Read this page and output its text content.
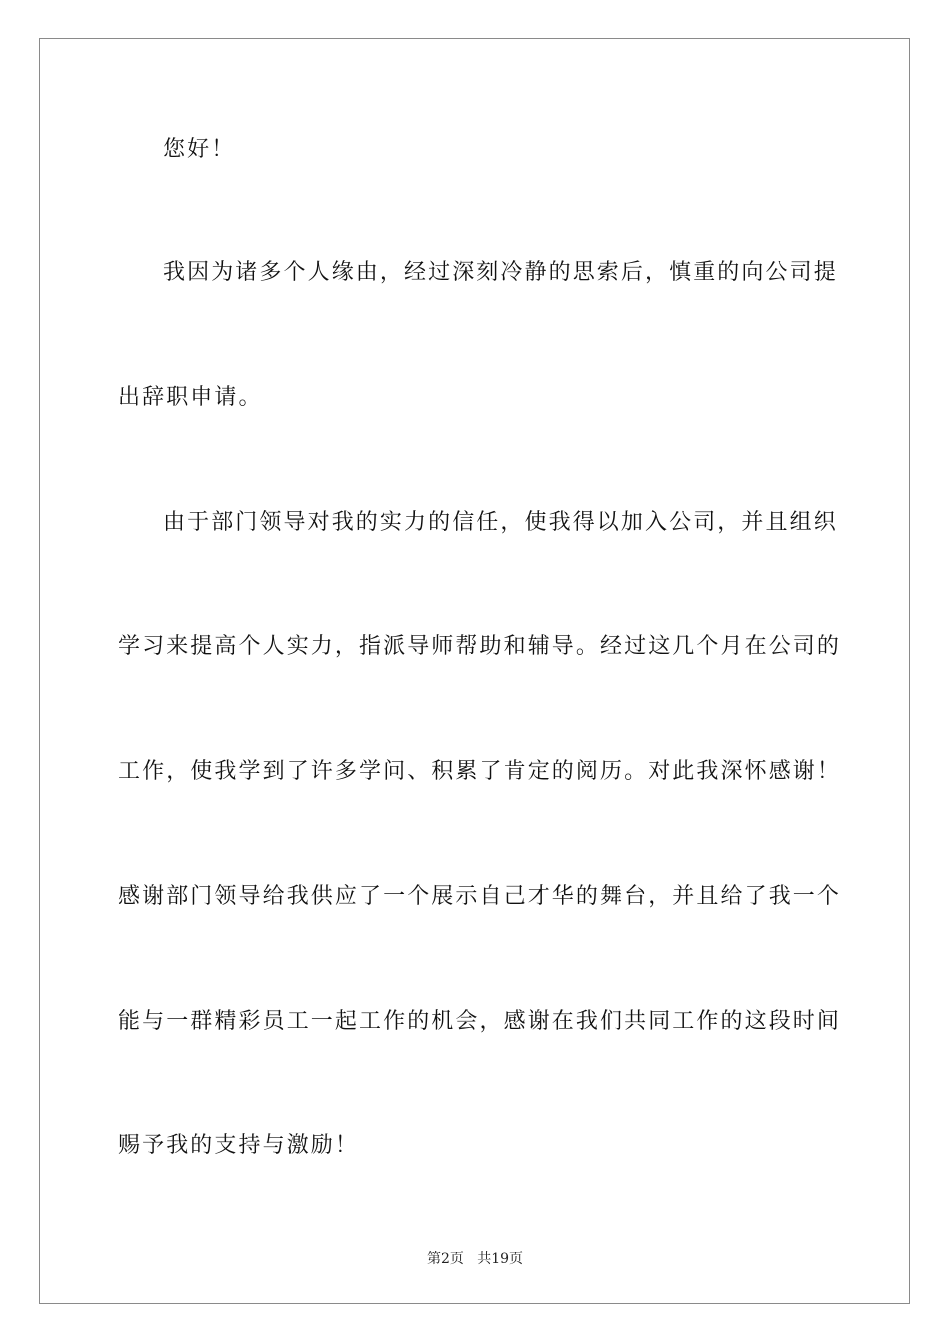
您好！
我因为诸多个人缘由，经过深刻冷静的思索后，慎重的向公司提
出辞职申请。
由于部门领导对我的实力的信任，使我得以加入公司，并且组织
学习来提高个人实力，指派导师帮助和辅导。经过这几个月在公司的
工作，使我学到了许多学问、积累了肯定的阅历。对此我深怀感谢！
感谢部门领导给我供应了一个展示自己才华的舞台，并且给了我一个
能与一群精彩员工一起工作的机会，感谢在我们共同工作的这段时间
赐予我的支持与激励！
第2页   共19页
